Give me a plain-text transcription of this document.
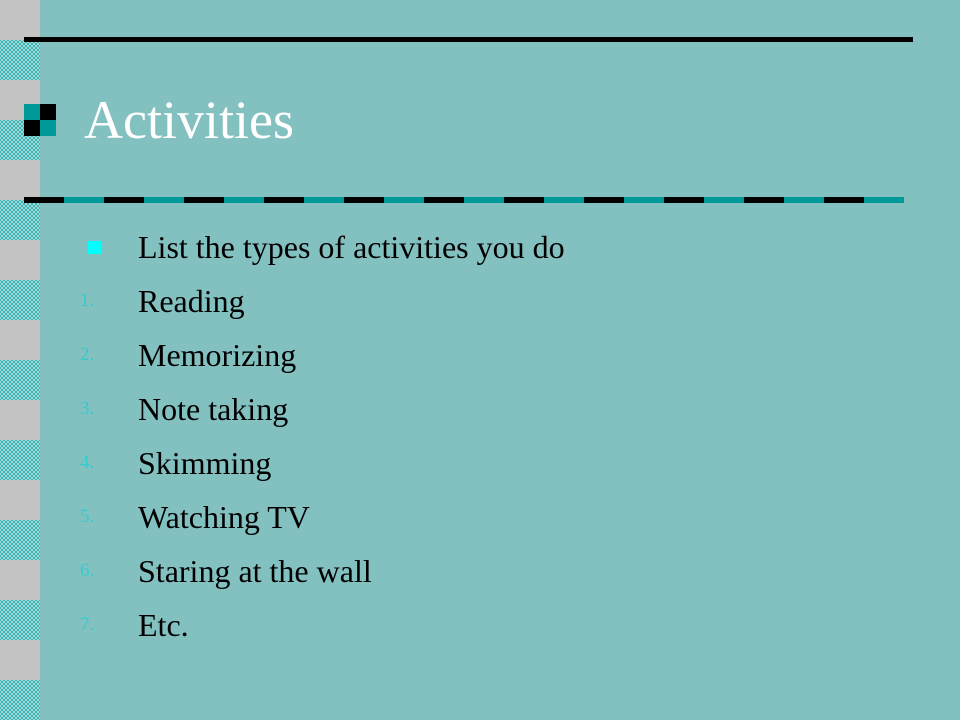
Activities
List the types of activities you do
1.	Reading
2.	Memorizing
3.	Note taking
4.	Skimming
5.	Watching TV
6.	Staring at the wall
7.	Etc.
